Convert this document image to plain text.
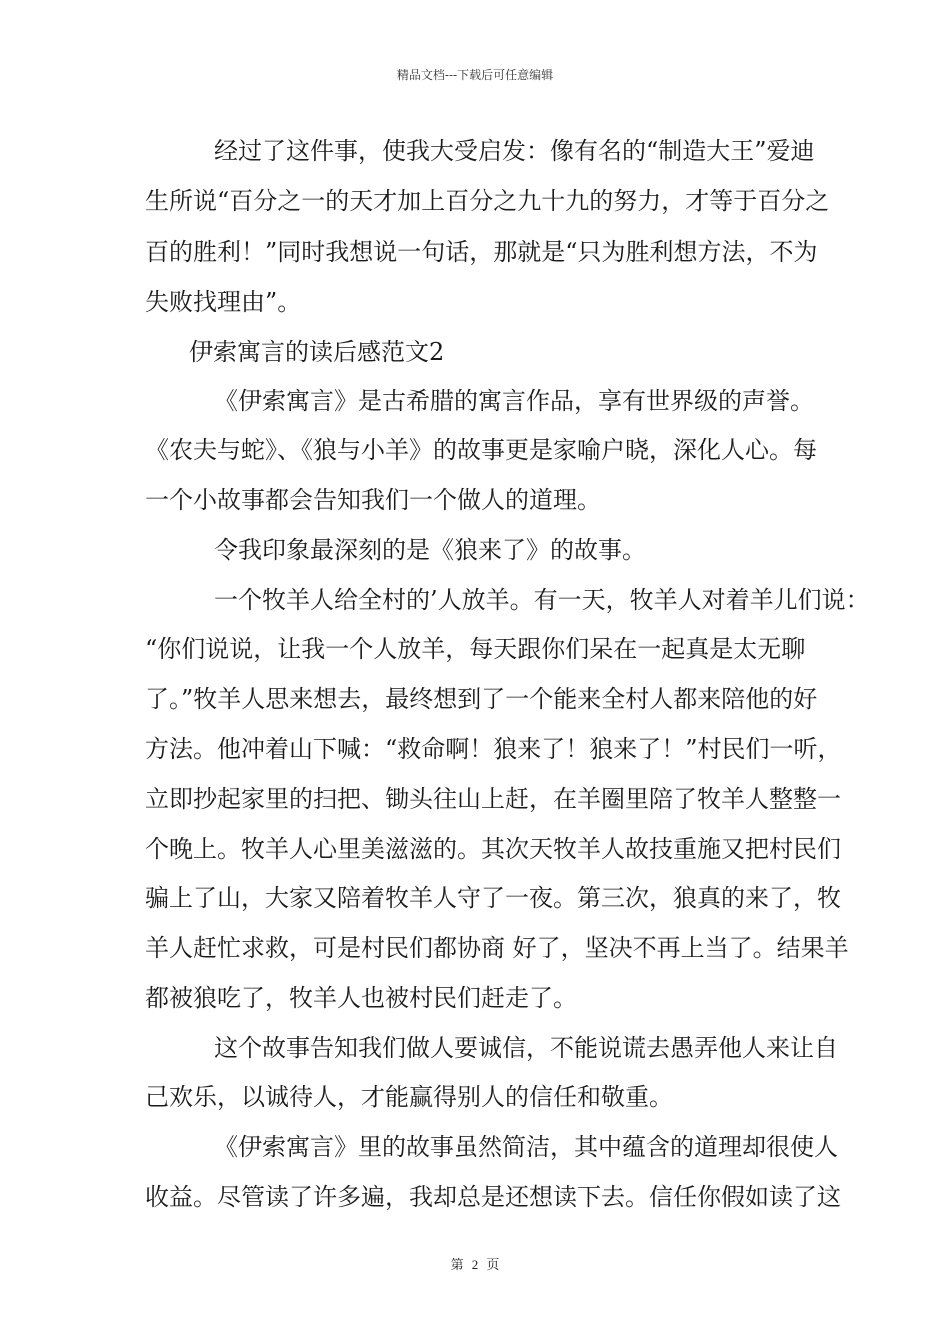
精品文档---下载后可任意编辑
经过了这件事，使我大受启发：像有名的“制造大王”爱迪
生所说“百分之一的天才加上百分之九十九的努力，才等于百分之
百的胜利！”同时我想说一句话，那就是“只为胜利想方法，不为
失败找理由”。
伊索寓言的读后感范文2
《伊索寓言》是古希腊的寓言作品，享有世界级的声誉。
《农夫与蛇》、《狼与小羊》的故事更是家喻户晓，深化人心。每
一个小故事都会告知我们一个做人的道理。
令我印象最深刻的是《狼来了》的故事。
一个牧羊人给全村的’人放羊。有一天，牧羊人对着羊儿们说：
“你们说说，让我一个人放羊，每天跟你们呆在一起真是太无聊
了。”牧羊人思来想去，最终想到了一个能来全村人都来陪他的好
方法。他冲着山下喊：“救命啊！狼来了！狼来了！”村民们一听，
立即抄起家里的扫把、锄头往山上赶，在羊圈里陪了牧羊人整整一
个晚上。牧羊人心里美滋滋的。其次天牧羊人故技重施又把村民们
骗上了山，大家又陪着牧羊人守了一夜。第三次，狼真的来了，牧
羊人赶忙求救，可是村民们都协商 好了，坚决不再上当了。结果羊
都被狼吃了，牧羊人也被村民们赶走了。
这个故事告知我们做人要诚信，不能说谎去愚弄他人来让自
己欢乐，以诚待人，才能赢得别人的信任和敬重。
《伊索寓言》里的故事虽然简洁，其中蕴含的道理却很使人
收益。尽管读了许多遍，我却总是还想读下去。信任你假如读了这
第 2 页
